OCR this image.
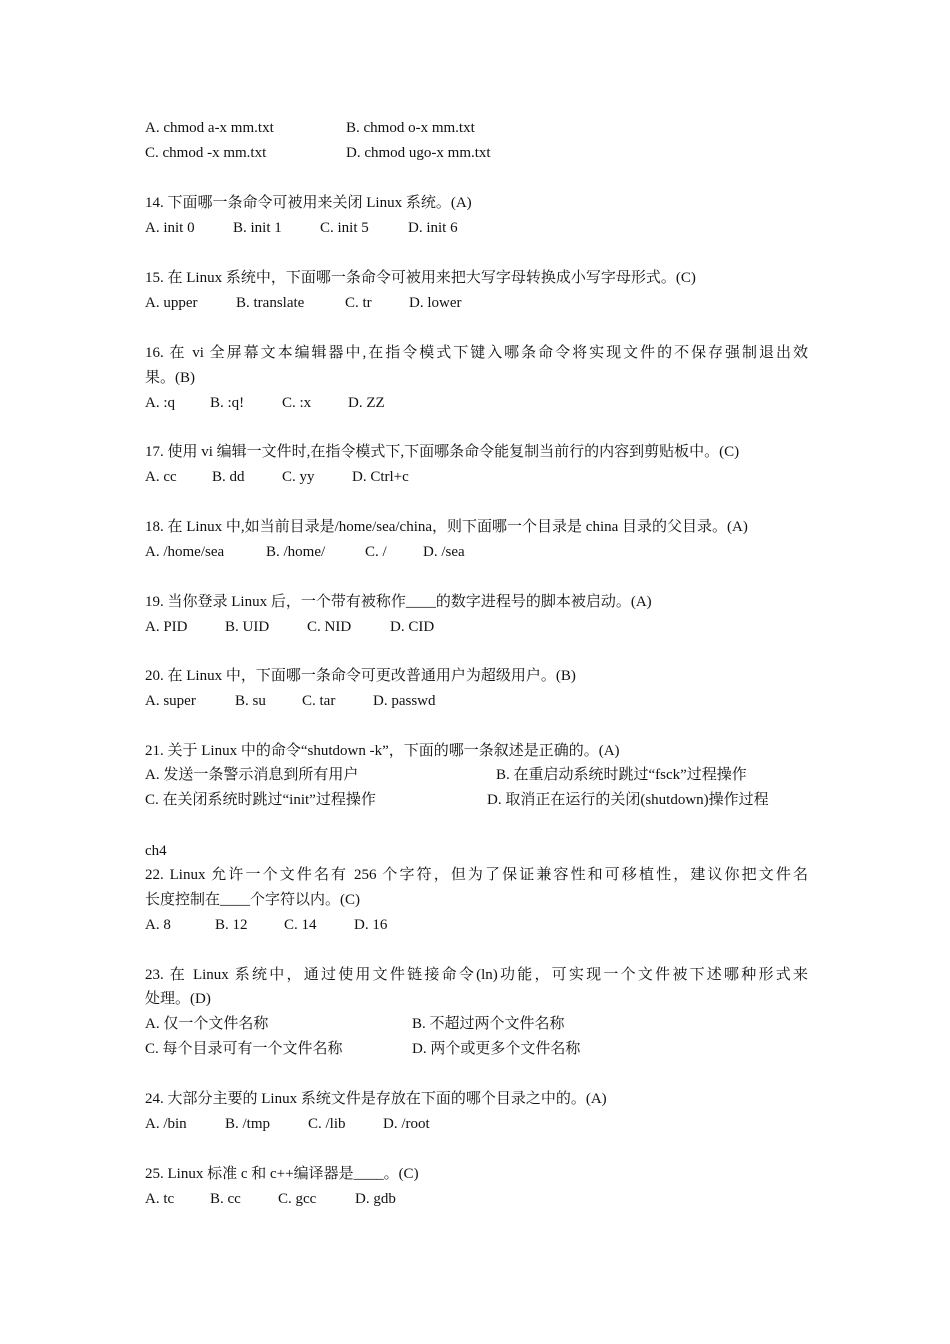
A. chmod a-x mm.txt	B. chmod o-x mm.txt
C. chmod -x mm.txt	D. chmod ugo-x mm.txt
14. 下面哪一条命令可被用来关闭 Linux 系统。(A)
A. init 0	B. init 1	C. init 5	D. init 6
15. 在 Linux 系统中，下面哪一条命令可被用来把大写字母转换成小写字母形式。(C)
A. upper	B. translate	C. tr D. lower
16. 在 vi 全屏幕文本编辑器中,在指令模式下键入哪条命令将实现文件的不保存强制退出效
果。(B)
A. :q B. :q!	C. :x D. ZZ
17. 使用 vi 编辑一文件时,在指令模式下,下面哪条命令能复制当前行的内容到剪贴板中。(C)
A. cc B. dd C. yy D. Ctrl+c
18. 在 Linux 中,如当前目录是/home/sea/china，则下面哪一个目录是 china 目录的父目录。(A)
A. /home/sea	B. /home/	C. / D. /sea
19. 当你登录 Linux 后，一个带有被称作____的数字进程号的脚本被启动。(A)
A. PID B. UID	C. NID	D. CID
20. 在 Linux 中，下面哪一条命令可更改普通用户为超级用户。(B)
A. super	B. su C. tar	D. passwd
21. 关于 Linux 中的命令“shutdown -k”，下面的哪一条叙述是正确的。(A)
A. 发送一条警示消息到所有用户	B. 在重启动系统时跳过“fsck”过程操作
C. 在关闭系统时跳过“init”过程操作	D. 取消正在运行的关闭(shutdown)操作过程
ch4
22. Linux 允许一个文件名有 256 个字符，但为了保证兼容性和可移植性，建议你把文件名
长度控制在____个字符以内。(C)
A. 8	B. 12 C. 14 D. 16
23. 在 Linux 系统中，通过使用文件链接命令(ln)功能，可实现一个文件被下述哪种形式来
处理。(D)
A. 仅一个文件名称	B. 不超过两个文件名称
C. 每个目录可有一个文件名称	D. 两个或更多个文件名称
24. 大部分主要的 Linux 系统文件是存放在下面的哪个目录之中的。(A)
A. /bin	B. /tmp	C. /lib D. /root
25. Linux 标准 c 和 c++编译器是____。(C)
A. tc B. cc C. gcc	D. gdb
